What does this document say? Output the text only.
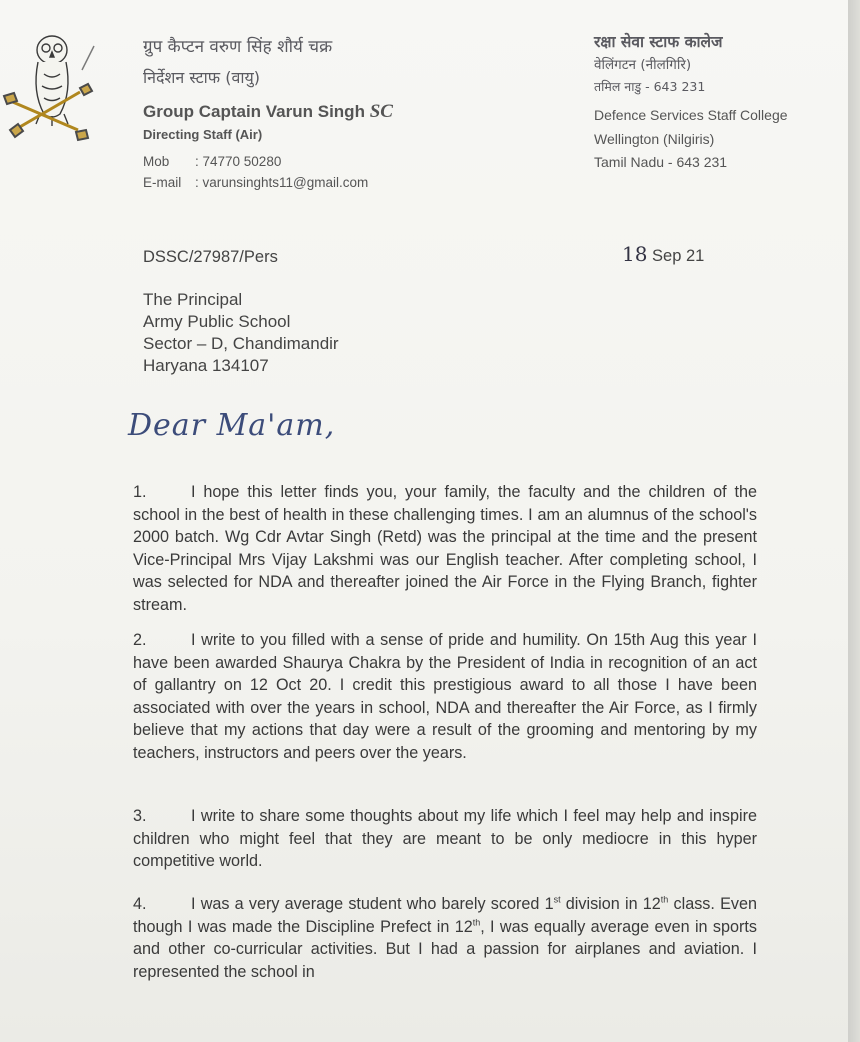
ग्रुप कैप्टन वरुण सिंह शौर्य चक्र
निर्देशन स्टाफ (वायु)
Group Captain Varun Singh SC
Directing Staff (Air)
Mob : 74770 50280
E-mail : varunsinghts11@gmail.com
रक्षा सेवा स्टाफ कालेज
वेलिंगटन (नीलगिरि)
तमिल नाडु - 643 231
Defence Services Staff College
Wellington (Nilgiris)
Tamil Nadu - 643 231
DSSC/27987/Pers	18 Sep 21
The Principal
Army Public School
Sector – D, Chandimandir
Haryana 134107
Dear Ma'am,
1.	I hope this letter finds you, your family, the faculty and the children of the school in the best of health in these challenging times. I am an alumnus of the school's 2000 batch. Wg Cdr Avtar Singh (Retd) was the principal at the time and the present Vice-Principal Mrs Vijay Lakshmi was our English teacher. After completing school, I was selected for NDA and thereafter joined the Air Force in the Flying Branch, fighter stream.
2.	I write to you filled with a sense of pride and humility. On 15th Aug this year I have been awarded Shaurya Chakra by the President of India in recognition of an act of gallantry on 12 Oct 20. I credit this prestigious award to all those I have been associated with over the years in school, NDA and thereafter the Air Force, as I firmly believe that my actions that day were a result of the grooming and mentoring by my teachers, instructors and peers over the years.
3.	I write to share some thoughts about my life which I feel may help and inspire children who might feel that they are meant to be only mediocre in this hyper competitive world.
4.	I was a very average student who barely scored 1st division in 12th class. Even though I was made the Discipline Prefect in 12th, I was equally average even in sports and other co-curricular activities. But I had a passion for airplanes and aviation. I represented the school in
